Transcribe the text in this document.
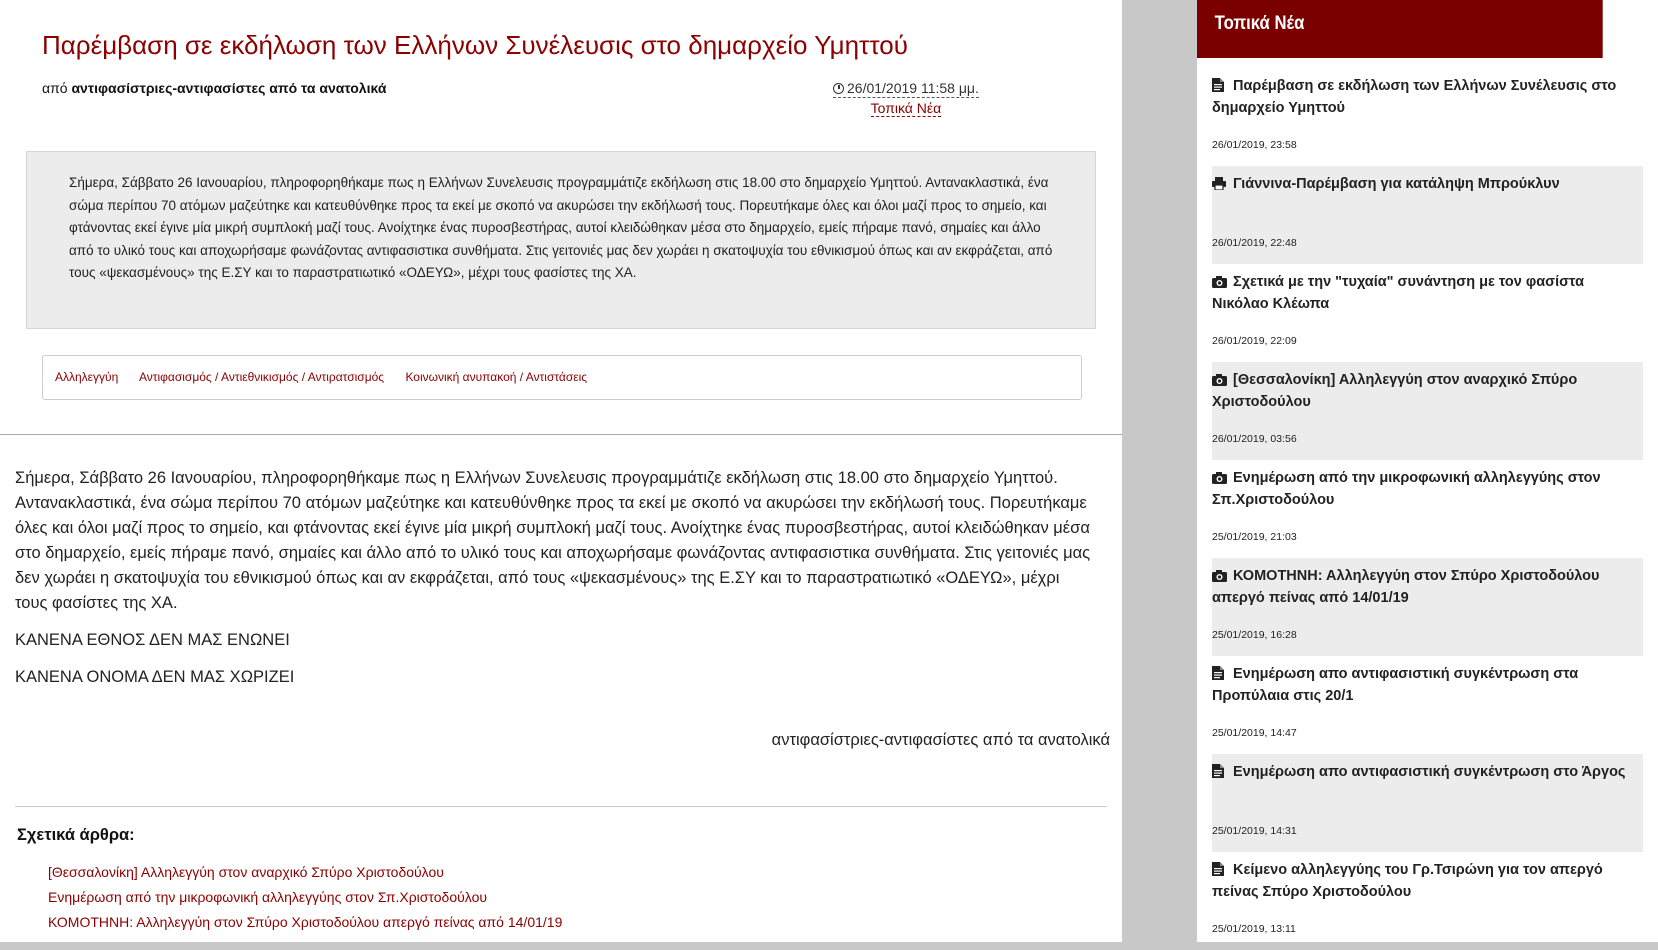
Παρέμβαση σε εκδήλωση των Ελλήνων Συνέλευσις στο δημαρχείο Υμηττού
από αντιφασίστριες-αντιφασίστες από τα ανατολικά	26/01/2019 11:58 μμ.
Τοπικά Νέα
Σήμερα, Σάββατο 26 Ιανουαρίου, πληροφορηθήκαμε πως η Ελλήνων Συνελευσις προγραμμάτιζε εκδήλωση στις 18.00 στο δημαρχείο Υμηττού. Αντανακλαστικά, ένα σώμα περίπου 70 ατόμων μαζεύτηκε και κατευθύνθηκε προς τα εκεί με σκοπό να ακυρώσει την εκδήλωσή τους. Πορευτήκαμε όλες και όλοι μαζί προς το σημείο, και φτάνοντας εκεί έγινε μία μικρή συμπλοκή μαζί τους. Ανοίχτηκε ένας πυροσβεστήρας, αυτοί κλειδώθηκαν μέσα στο δημαρχείο, εμείς πήραμε πανό, σημαίες και άλλο από το υλικό τους και αποχωρήσαμε φωνάζοντας αντιφασιστικα συνθήματα. Στις γειτονιές μας δεν χωράει η σκατοψυχία του εθνικισμού όπως και αν εκφράζεται, από τους «ψεκασμένους» της Ε.ΣΥ και το παραστρατιωτικό «ΟΔΕΥΩ», μέχρι τους φασίστες της ΧΑ.
Αλληλεγγύη Αντιφασισμός / Αντιεθνικισμός / Αντιρατσισμός Κοινωνική ανυπακοή / Αντιστάσεις

Σήμερα, Σάββατο 26 Ιανουαρίου, πληροφορηθήκαμε πως η Ελλήνων Συνελευσις προγραμμάτιζε εκδήλωση στις 18.00 στο δημαρχείο Υμηττού. Αντανακλαστικά, ένα σώμα περίπου 70 ατόμων μαζεύτηκε και κατευθύνθηκε προς τα εκεί με σκοπό να ακυρώσει την εκδήλωσή τους. Πορευτήκαμε όλες και όλοι μαζί προς το σημείο, και φτάνοντας εκεί έγινε μία μικρή συμπλοκή μαζί τους. Ανοίχτηκε ένας πυροσβεστήρας, αυτοί κλειδώθηκαν μέσα στο δημαρχείο, εμείς πήραμε πανό, σημαίες και άλλο από το υλικό τους και αποχωρήσαμε φωνάζοντας αντιφασιστικα συνθήματα. Στις γειτονιές μας δεν χωράει η σκατοψυχία του εθνικισμού όπως και αν εκφράζεται, από τους «ψεκασμένους» της Ε.ΣΥ και το παραστρατιωτικό «ΟΔΕΥΩ», μέχρι τους φασίστες της ΧΑ.

ΚΑΝΕΝΑ ΕΘΝΟΣ ΔΕΝ ΜΑΣ ΕΝΩΝΕΙ

ΚΑΝΕΝΑ ΟΝΟΜΑ ΔΕΝ ΜΑΣ ΧΩΡΙΖΕΙ

αντιφασίστριες-αντιφασίστες από τα ανατολικά
Σχετικά άρθρα:
[Θεσσαλονίκη] Αλληλεγγύη στον αναρχικό Σπύρο Χριστοδούλου
Ενημέρωση από την μικροφωνική αλληλεγγύης στον Σπ.Χριστοδούλου
ΚΟΜΟΤΗΝΗ: Αλληλεγγύη στον Σπύρο Χριστοδούλου απεργό πείνας από 14/01/19
Τοπικά Νέα
Παρέμβαση σε εκδήλωση των Ελλήνων Συνέλευσις στο δημαρχείο Υμηττού
26/01/2019, 23:58
Γιάννινα-Παρέμβαση για κατάληψη Μπρούκλυν
26/01/2019, 22:48
Σχετικά με την "τυχαία" συνάντηση με τον φασίστα Νικόλαο Κλέωπα
26/01/2019, 22:09
[Θεσσαλονίκη] Αλληλεγγύη στον αναρχικό Σπύρο Χριστοδούλου
26/01/2019, 03:56
Ενημέρωση από την μικροφωνική αλληλεγγύης στον Σπ.Χριστοδούλου
25/01/2019, 21:03
ΚΟΜΟΤΗΝΗ: Αλληλεγγύη στον Σπύρο Χριστοδούλου απεργό πείνας από 14/01/19
25/01/2019, 16:28
Ενημέρωση απο αντιφασιστική συγκέντρωση στα Προπύλαια στις 20/1
25/01/2019, 14:47
Ενημέρωση απο αντιφασιστική συγκέντρωση στο Άργος
25/01/2019, 14:31
Κείμενο αλληλεγγύης του Γρ.Τσιρώνη για τον απεργό πείνας Σπύρο Χριστοδούλου
25/01/2019, 13:11
